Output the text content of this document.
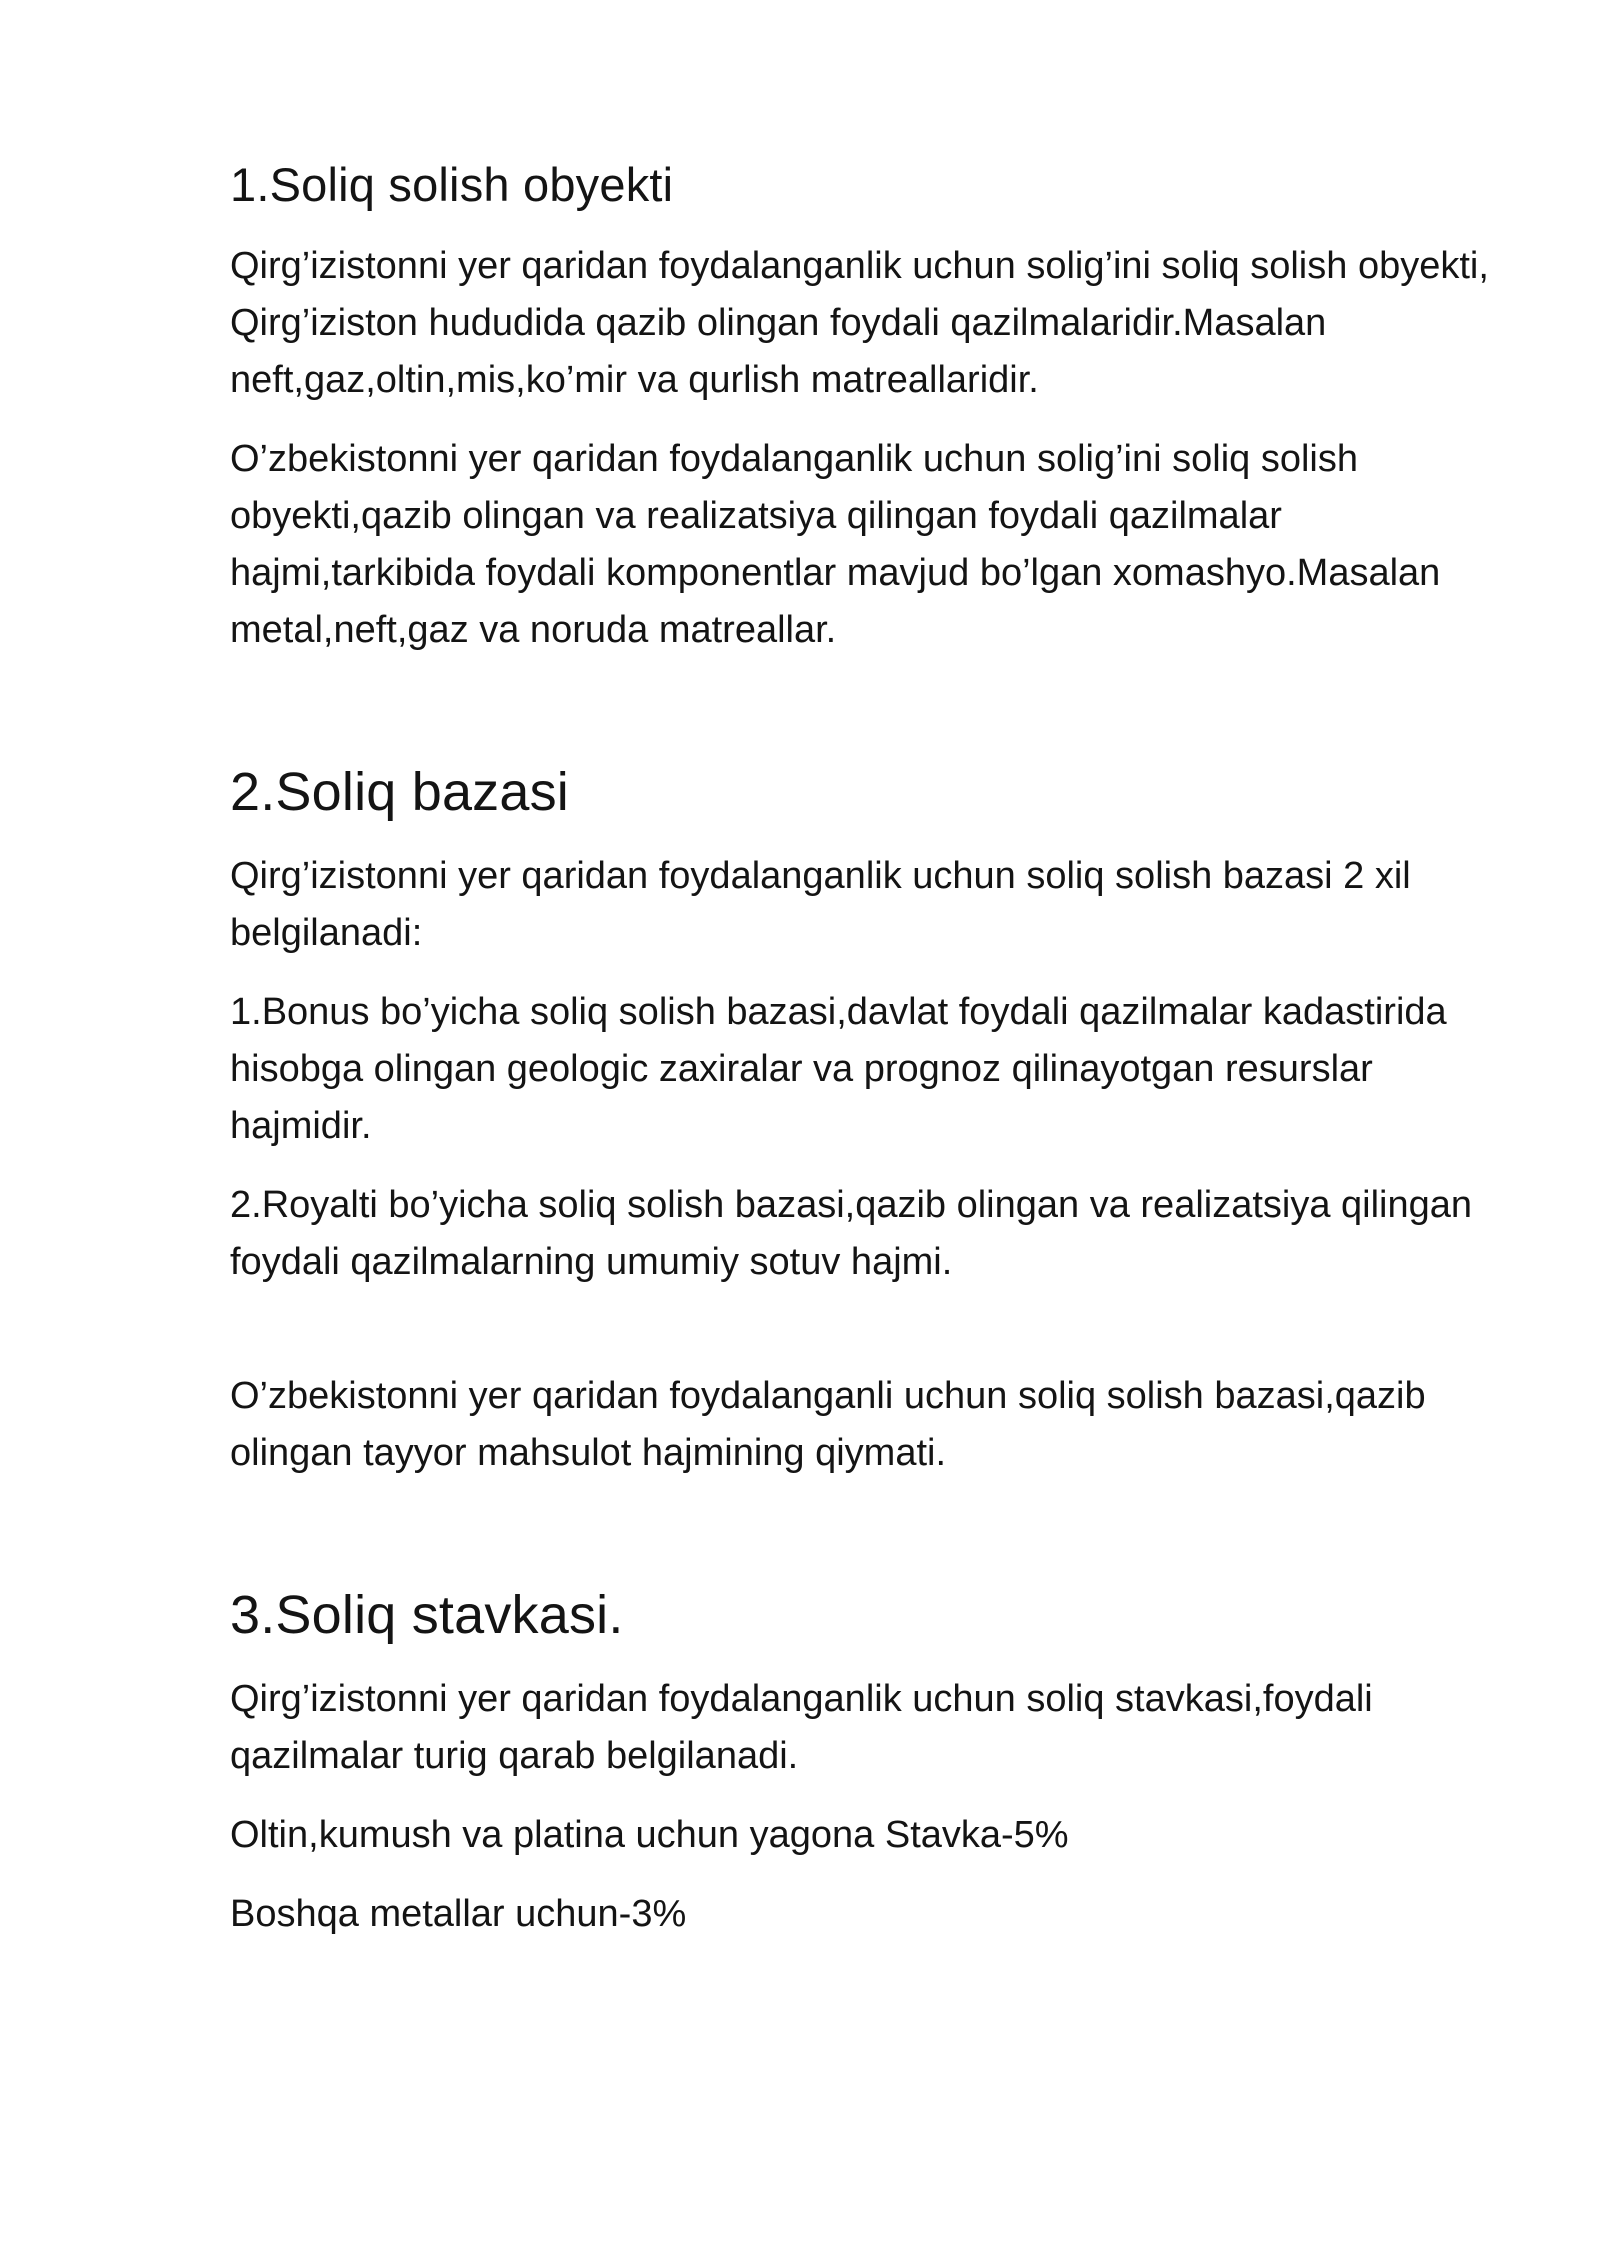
1.Soliq solish obyekti

Qirg’izistonni yer qaridan foydalanganlik uchun solig’ini soliq solish obyekti, Qirg’iziston hududida qazib olingan foydali qazilmalaridir.Masalan neft,gaz,oltin,mis,ko’mir va qurlish matreallaridir.

O’zbekistonni yer qaridan foydalanganlik uchun solig’ini soliq solish obyekti,qazib olingan va realizatsiya qilingan foydali qazilmalar hajmi,tarkibida foydali komponentlar mavjud bo’lgan xomashyo.Masalan metal,neft,gaz va noruda matreallar.

2.Soliq bazasi

Qirg’izistonni yer qaridan foydalanganlik uchun soliq solish bazasi 2 xil belgilanadi:

1.Bonus bo’yicha soliq solish bazasi,davlat foydali qazilmalar kadastirida hisobga olingan geologic zaxiralar va prognoz qilinayotgan resurslar hajmidir.

2.Royalti bo’yicha soliq solish bazasi,qazib olingan va realizatsiya qilingan foydali qazilmalarning umumiy sotuv hajmi.

O’zbekistonni yer qaridan foydalanganli uchun soliq solish bazasi,qazib olingan tayyor mahsulot hajmining qiymati.

3.Soliq stavkasi.

Qirg’izistonni yer qaridan foydalanganlik uchun soliq stavkasi,foydali qazilmalar turig qarab belgilanadi.

Oltin,kumush va platina uchun yagona Stavka-5%

Boshqa metallar uchun-3%
